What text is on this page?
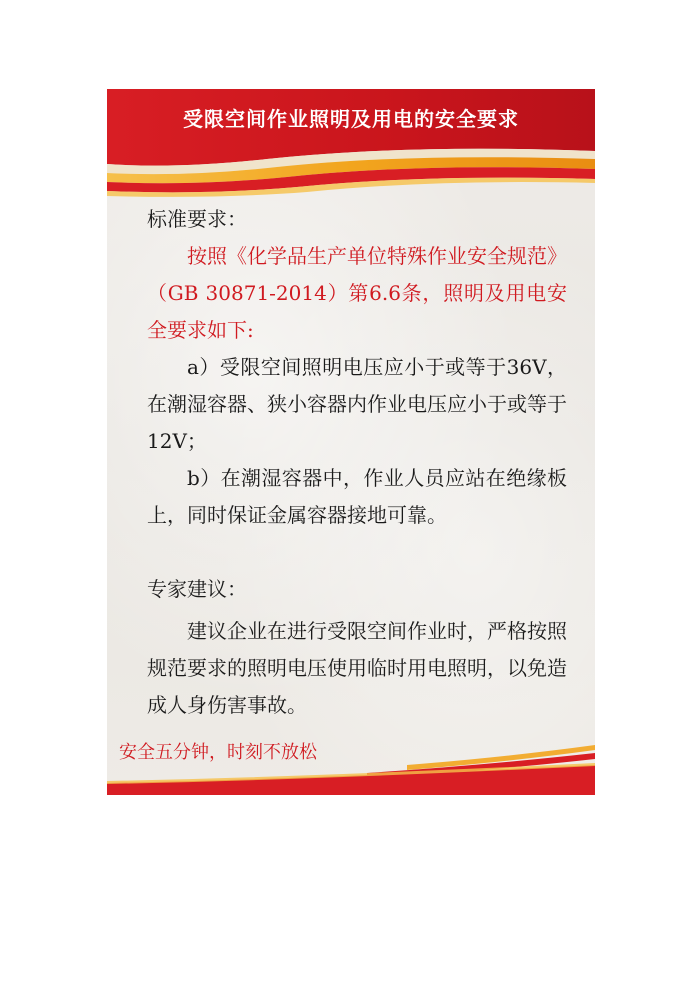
受限空间作业照明及用电的安全要求
标准要求：
按照《化学品生产单位特殊作业安全规范》（GB 30871-2014）第6.6条，照明及用电安全要求如下:
a）受限空间照明电压应小于或等于36V，在潮湿容器、狭小容器内作业电压应小于或等于12V；
b）在潮湿容器中，作业人员应站在绝缘板上，同时保证金属容器接地可靠。
专家建议：
建议企业在进行受限空间作业时，严格按照规范要求的照明电压使用临时用电照明，以免造成人身伤害事故。
安全五分钟，时刻不放松
